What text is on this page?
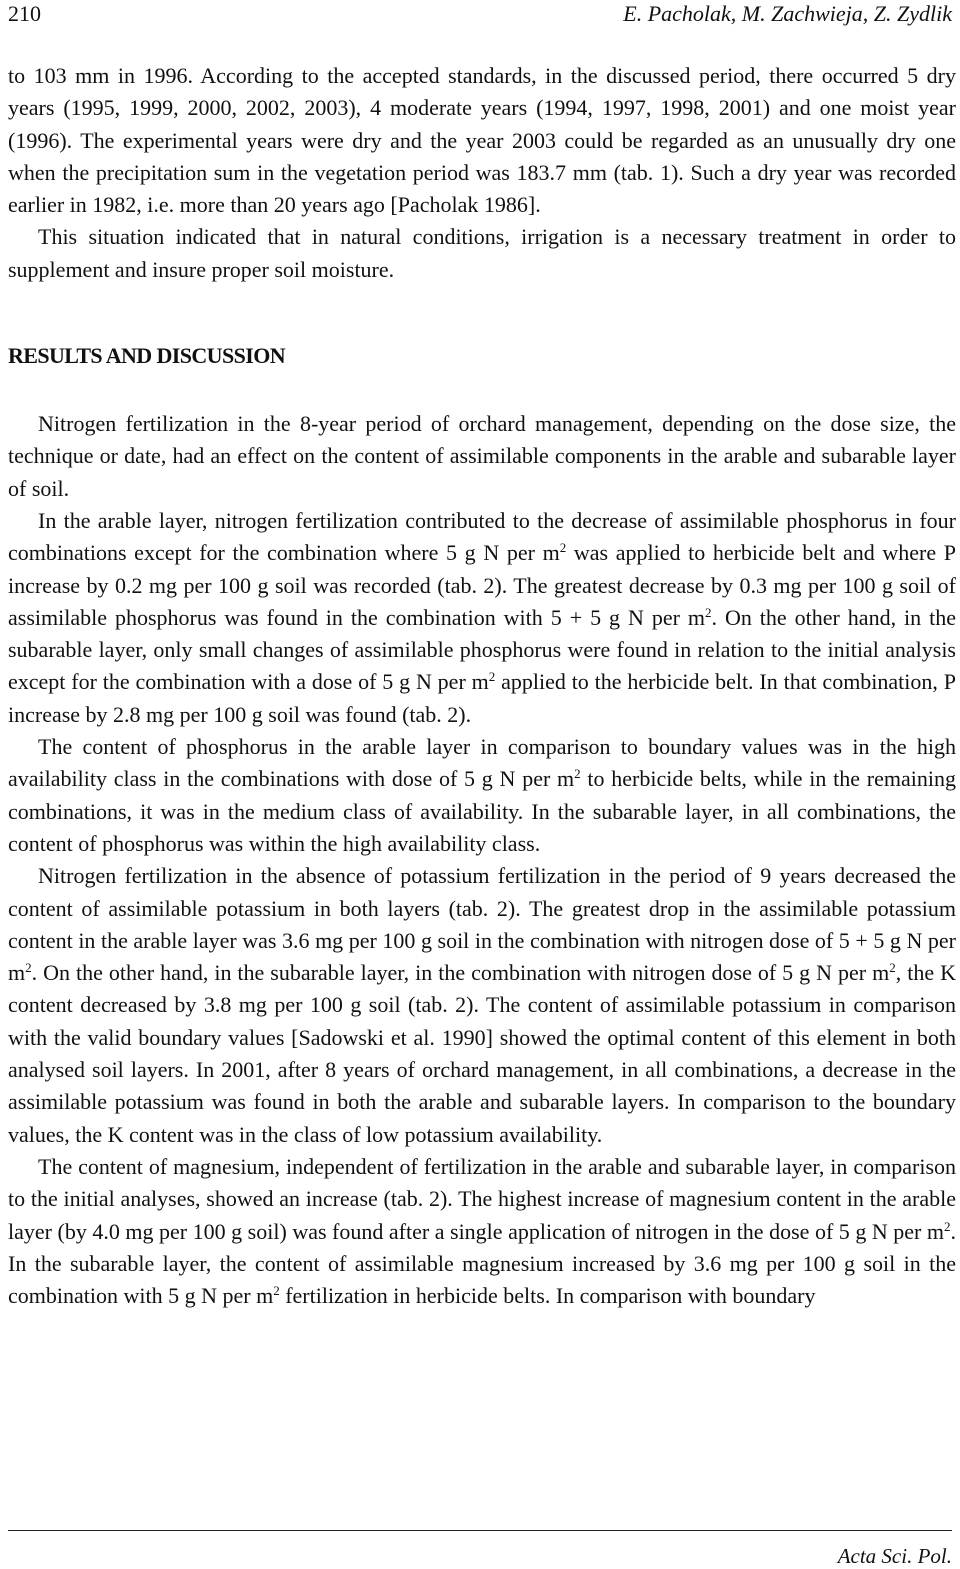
210	E. Pacholak, M. Zachwieja, Z. Zydlik

to 103 mm in 1996. According to the accepted standards, in the discussed period, there occurred 5 dry years (1995, 1999, 2000, 2002, 2003), 4 moderate years (1994, 1997, 1998, 2001) and one moist year (1996). The experimental years were dry and the year 2003 could be regarded as an unusually dry one when the precipitation sum in the vegetation period was 183.7 mm (tab. 1). Such a dry year was recorded earlier in 1982, i.e. more than 20 years ago [Pacholak 1986].

This situation indicated that in natural conditions, irrigation is a necessary treatment in order to supplement and insure proper soil moisture.

RESULTS AND DISCUSSION

Nitrogen fertilization in the 8-year period of orchard management, depending on the dose size, the technique or date, had an effect on the content of assimilable components in the arable and subarable layer of soil.

In the arable layer, nitrogen fertilization contributed to the decrease of assimilable phosphorus in four combinations except for the combination where 5 g N per $m^2$ was applied to herbicide belt and where P increase by 0.2 mg per 100 g soil was recorded (tab. 2). The greatest decrease by 0.3 mg per 100 g soil of assimilable phosphorus was found in the combination with 5 + 5 g N per $m^2$. On the other hand, in the subarable layer, only small changes of assimilable phosphorus were found in relation to the initial analysis except for the combination with a dose of 5 g N per $m^2$ applied to the herbicide belt. In that combination, P increase by 2.8 mg per 100 g soil was found (tab. 2).

The content of phosphorus in the arable layer in comparison to boundary values was in the high availability class in the combinations with dose of 5 g N per $m^2$ to herbicide belts, while in the remaining combinations, it was in the medium class of availability. In the subarable layer, in all combinations, the content of phosphorus was within the high availability class.

Nitrogen fertilization in the absence of potassium fertilization in the period of 9 years decreased the content of assimilable potassium in both layers (tab. 2). The greatest drop in the assimilable potassium content in the arable layer was 3.6 mg per 100 g soil in the combination with nitrogen dose of 5 + 5 g N per $m^2$. On the other hand, in the subarable layer, in the combination with nitrogen dose of 5 g N per $m^2$, the K content decreased by 3.8 mg per 100 g soil (tab. 2). The content of assimilable potassium in comparison with the valid boundary values [Sadowski et al. 1990] showed the optimal content of this element in both analysed soil layers. In 2001, after 8 years of orchard management, in all combinations, a decrease in the assimilable potassium was found in both the arable and subarable layers. In comparison to the boundary values, the K content was in the class of low potassium availability.

The content of magnesium, independent of fertilization in the arable and subarable layer, in comparison to the initial analyses, showed an increase (tab. 2). The highest increase of magnesium content in the arable layer (by 4.0 mg per 100 g soil) was found after a single application of nitrogen in the dose of 5 g N per $m^2$. In the subarable layer, the content of assimilable magnesium increased by 3.6 mg per 100 g soil in the combination with 5 g N per $m^2$ fertilization in herbicide belts. In comparison with boundary

Acta Sci. Pol.
